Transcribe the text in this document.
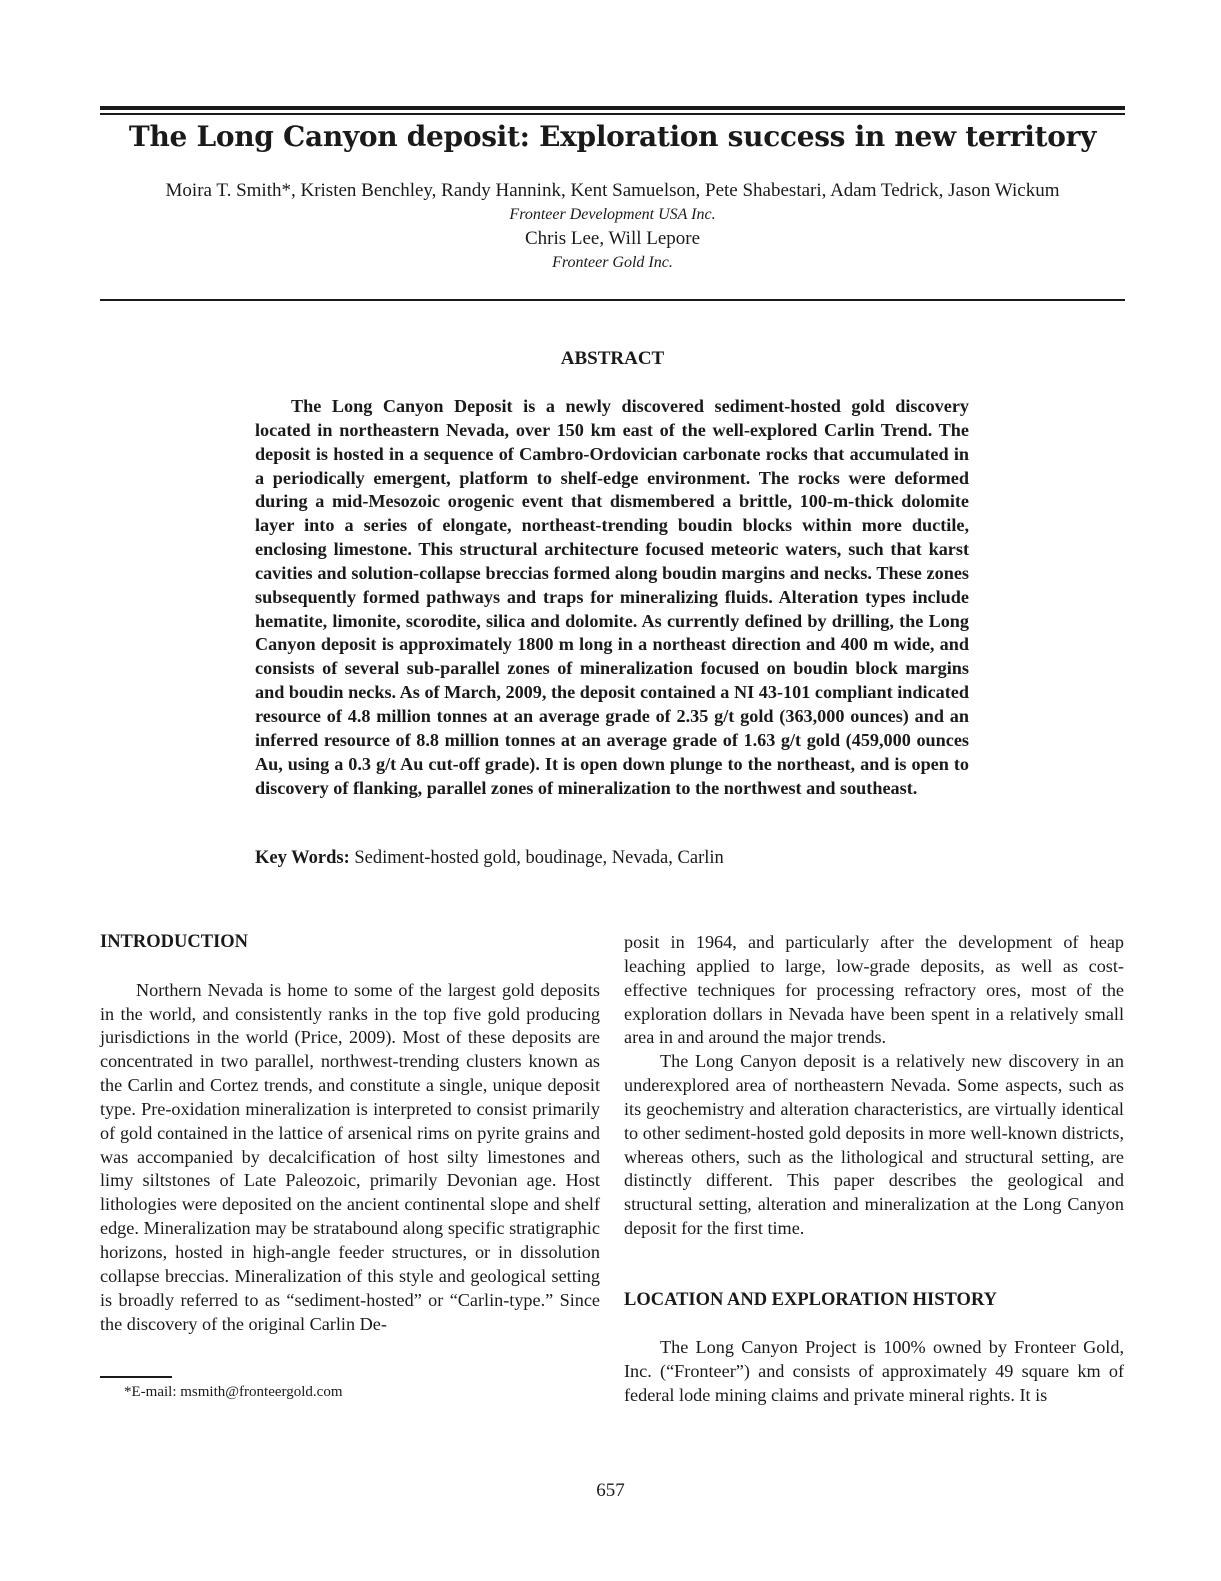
The Long Canyon deposit: Exploration success in new territory
Moira T. Smith*, Kristen Benchley, Randy Hannink, Kent Samuelson, Pete Shabestari, Adam Tedrick, Jason Wickum
Fronteer Development USA Inc.
Chris Lee, Will Lepore
Fronteer Gold Inc.
ABSTRACT

The Long Canyon Deposit is a newly discovered sediment-hosted gold discovery located in northeastern Nevada, over 150 km east of the well-explored Carlin Trend. The deposit is hosted in a sequence of Cambro-Ordovician carbonate rocks that accumulated in a periodically emergent, platform to shelf-edge environment. The rocks were deformed during a mid-Mesozoic orogenic event that dismembered a brittle, 100-m-thick dolomite layer into a series of elongate, northeast-trending boudin blocks within more ductile, enclosing limestone. This structural architecture focused meteoric waters, such that karst cavities and solution-collapse breccias formed along boudin margins and necks. These zones subsequently formed pathways and traps for mineralizing fluids. Alteration types include hematite, limonite, scorodite, silica and dolomite. As currently defined by drilling, the Long Canyon deposit is approximately 1800 m long in a northeast direction and 400 m wide, and consists of several sub-parallel zones of mineralization focused on boudin block margins and boudin necks. As of March, 2009, the deposit contained a NI 43-101 compliant indicated resource of 4.8 million tonnes at an average grade of 2.35 g/t gold (363,000 ounces) and an inferred resource of 8.8 million tonnes at an average grade of 1.63 g/t gold (459,000 ounces Au, using a 0.3 g/t Au cut-off grade). It is open down plunge to the northeast, and is open to discovery of flanking, parallel zones of mineralization to the northwest and southeast.

Key Words: Sediment-hosted gold, boudinage, Nevada, Carlin
INTRODUCTION

Northern Nevada is home to some of the largest gold deposits in the world, and consistently ranks in the top five gold producing jurisdictions in the world (Price, 2009). Most of these deposits are concentrated in two parallel, northwest-trending clusters known as the Carlin and Cortez trends, and constitute a single, unique deposit type. Pre-oxidation mineralization is interpreted to consist primarily of gold contained in the lattice of arsenical rims on pyrite grains and was accompanied by decalcification of host silty limestones and limy siltstones of Late Paleozoic, primarily Devonian age. Host lithologies were deposited on the ancient continental slope and shelf edge. Mineralization may be stratabound along specific stratigraphic horizons, hosted in high-angle feeder structures, or in dissolution collapse breccias. Mineralization of this style and geological setting is broadly referred to as “sediment-hosted” or “Carlin-type.” Since the discovery of the original Carlin De-

posit in 1964, and particularly after the development of heap leaching applied to large, low-grade deposits, as well as cost-effective techniques for processing refractory ores, most of the exploration dollars in Nevada have been spent in a relatively small area in and around the major trends.

The Long Canyon deposit is a relatively new discovery in an underexplored area of northeastern Nevada. Some aspects, such as its geochemistry and alteration characteristics, are virtually identical to other sediment-hosted gold deposits in more well-known districts, whereas others, such as the lithological and structural setting, are distinctly different. This paper describes the geological and structural setting, alteration and mineralization at the Long Canyon deposit for the first time.

LOCATION AND EXPLORATION HISTORY

The Long Canyon Project is 100% owned by Fronteer Gold, Inc. (“Fronteer”) and consists of approximately 49 square km of federal lode mining claims and private mineral rights. It is

*E-mail: msmith@fronteergold.com
657
